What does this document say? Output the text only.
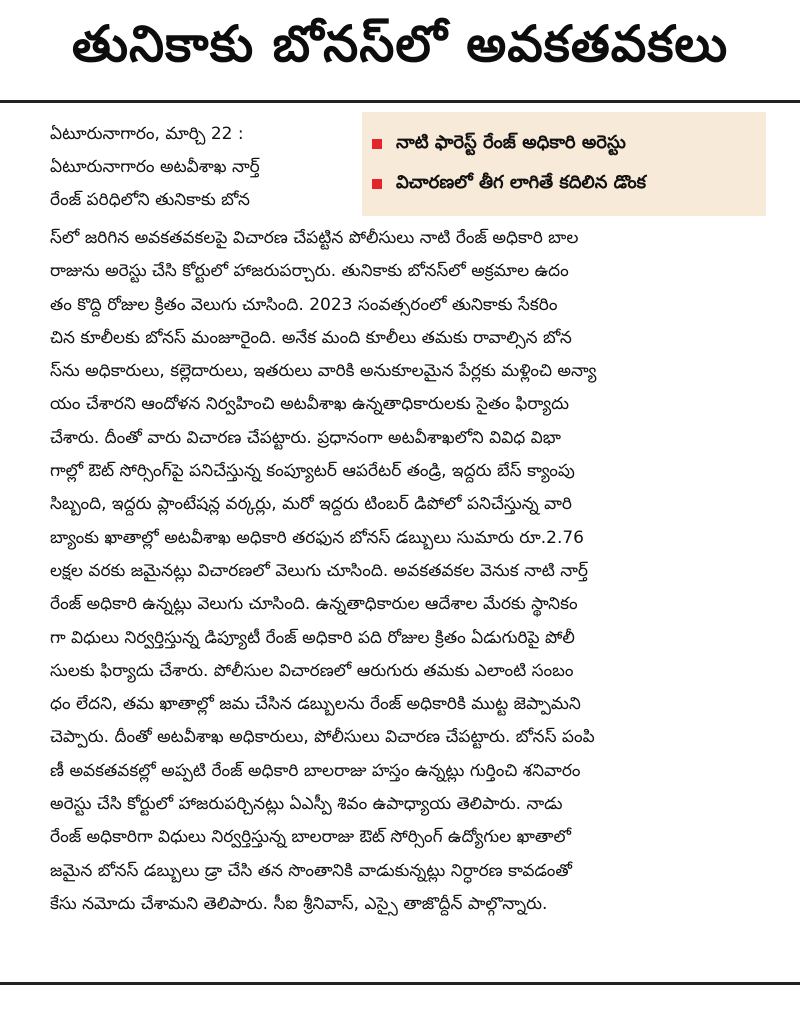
తునికాకు బోనస్‌లో అవకతవకలు
ఏటూరునాగారం, మార్చి 22 :
ఏటూరునాగారం అటవీశాఖ నార్త్
రేంజ్ పరిధిలోని తునికాకు బోన
నాటి ఫారెస్ట్ రేంజ్ అధికారి అరెస్టు
విచారణలో తీగ లాగితే కదిలిన డొంక
స్‌లో జరిగిన అవకతవకలపై విచారణ చేపట్టిన పోలీసులు నాటి రేంజ్ అధికారి బాల
రాజును అరెస్టు చేసి కోర్టులో హాజరుపర్చారు. తునికాకు బోనస్‌లో అక్రమాల ఉదం
తం కొద్ది రోజుల క్రితం వెలుగు చూసింది. 2023 సంవత్సరంలో తునికాకు సేకరిం
చిన కూలీలకు బోనస్ మంజూరైంది. అనేక మంది కూలీలు తమకు రావాల్సిన బోన
స్‌ను అధికారులు, కల్లెదారులు, ఇతరులు వారికి అనుకూలమైన పేర్లకు మళ్లించి అన్యా
యం చేశారని ఆందోళన నిర్వహించి అటవీశాఖ ఉన్నతాధికారులకు సైతం ఫిర్యాదు
చేశారు. దీంతో వారు విచారణ చేపట్టారు. ప్రధానంగా అటవీశాఖలోని వివిధ విభా
గాల్లో ఔట్ సోర్సింగ్‌పై పనిచేస్తున్న కంప్యూటర్ ఆపరేటర్ తండ్రి, ఇద్దరు బేస్ క్యాంపు
సిబ్బంది, ఇద్దరు ప్లాంటేషన్ల వర్కర్లు, మరో ఇద్దరు టింబర్ డిపోలో పనిచేస్తున్న వారి
బ్యాంకు ఖాతాల్లో అటవీశాఖ అధికారి తరఫున బోనస్ డబ్బులు సుమారు రూ.2.76
లక్షల వరకు జమైనట్లు విచారణలో వెలుగు చూసింది. అవకతవకల వెనుక నాటి నార్త్
రేంజ్ అధికారి ఉన్నట్లు వెలుగు చూసింది. ఉన్నతాధికారుల ఆదేశాల మేరకు స్థానికం
గా విధులు నిర్వర్తిస్తున్న డిప్యూటీ రేంజ్ అధికారి పది రోజుల క్రితం ఏడుగురిపై పోలీ
సులకు ఫిర్యాదు చేశారు. పోలీసుల విచారణలో ఆరుగురు తమకు ఎలాంటి సంబం
ధం లేదని, తమ ఖాతాల్లో జమ చేసిన డబ్బులను రేంజ్ అధికారికి ముట్ట జెప్పామని
చెప్పారు. దీంతో అటవీశాఖ అధికారులు, పోలీసులు విచారణ చేపట్టారు. బోనస్ పంపి
ణీ అవకతవకల్లో అప్పటి రేంజ్ అధికారి బాలరాజు హస్తం ఉన్నట్లు గుర్తించి శనివారం
అరెస్టు చేసి కోర్టులో హాజరుపర్చినట్లు ఏఎస్పీ శివం ఉపాధ్యాయ తెలిపారు. నాడు
రేంజ్ అధికారిగా విధులు నిర్వర్తిస్తున్న బాలరాజు ఔట్ సోర్సింగ్ ఉద్యోగుల ఖాతాలో
జమైన బోనస్ డబ్బులు డ్రా చేసి తన సొంతానికి వాడుకున్నట్లు నిర్ధారణ కావడంతో
కేసు నమోదు చేశామని తెలిపారు. సీఐ శ్రీనివాస్, ఎస్సై తాజొద్దీన్ పాల్గొన్నారు.
